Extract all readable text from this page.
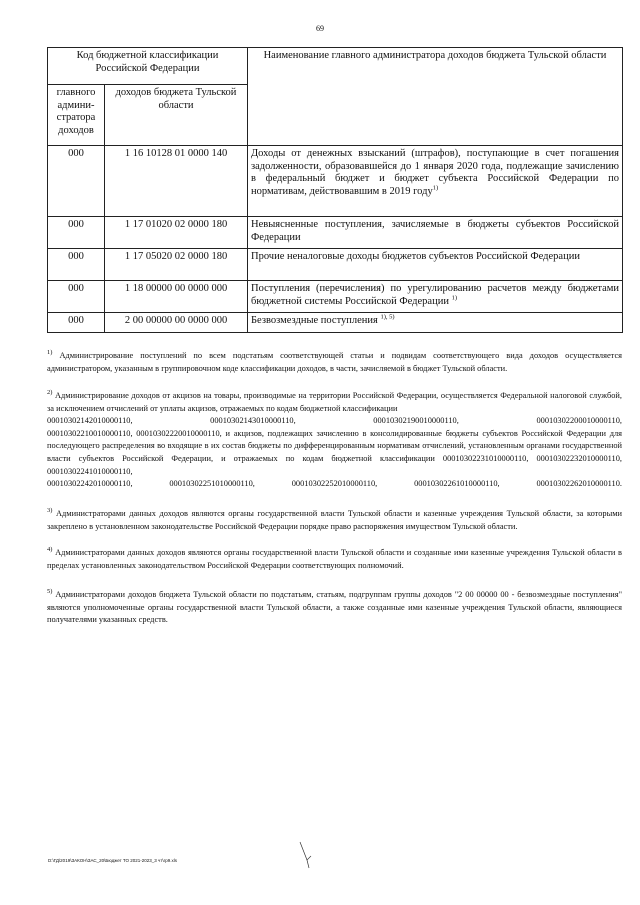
69
Код бюджетной классификации Российской Федерации		Наименование главного администратора доходов бюджета Тульской области
главного админи-стратора доходов	доходов бюджета Тульской области	
000	1 16 10128 01 0000 140	Доходы от денежных взысканий (штрафов), поступающие в счет погашения задолженности, образовавшейся до 1 января 2020 года, подлежащие зачислению в федеральный бюджет и бюджет субъекта Российской Федерации по нормативам, действовавшим в 2019 году$^{1)}$
000	1 17 01020 02 0000 180	Невыясненные поступления, зачисляемые в бюджеты субъектов Российской Федерации
000	1 17 05020 02 0000 180	Прочие неналоговые доходы бюджетов субъектов Российской Федерации
000	1 18 00000 00 0000 000	Поступления (перечисления) по урегулированию расчетов между бюджетами бюджетной системы Российской Федерации $^{1)}$
000	2 00 00000 00 0000 000	Безвозмездные поступления $^{1), 5)}$

$^{1)}$ Администрирование поступлений по всем подстатьям соответствующей статьи и подвидам соответствующего вида доходов осуществляется администратором, указанным в группировочном коде классификации доходов, в части, зачисляемой в бюджет Тульской области.

$^{2)}$ Администрирование доходов от акцизов на товары, производимые на территории Российской Федерации, осуществляется Федеральной налоговой службой, за исключением отчислений от уплаты акцизов, отражаемых по кодам бюджетной классификации

00010302142010000110, 00010302143010000110, 00010302190010000110, 00010302200010000110,

00010302210010000110, 00010302220010000110, и акцизов, подлежащих зачислению в консолидированные бюджеты субъектов Российской Федерации для последующего распределения во входящие в их состав бюджеты по дифференцированным нормативам отчислений, установленным органами государственной власти субъектов Российской Федерации, и отражаемых по кодам бюджетной классификации 00010302231010000110, 00010302232010000110, 00010302241010000110,

00010302242010000110, 00010302251010000110, 00010302252010000110, 00010302261010000110, 00010302262010000110.

$^{3)}$ Администраторами данных доходов являются органы государственной власти Тульской области и казенные учреждения Тульской области, за которыми закреплено в установленном законодательстве Российской Федерации порядке право распоряжения имуществом Тульской области.

$^{4)}$ Администраторами данных доходов являются органы государственной власти Тульской области и созданные ими казенные учреждения Тульской области в пределах установленных законодательством Российской Федерации соответствующих полномочий.

$^{5)}$ Администраторами доходов бюджета Тульской области по подстатьям, статьям, подгруппам группы доходов "2 00 00000 00 - безвозмездные поступления" являются уполномоченные органы государственной власти Тульской области, а также созданные ими казенные учреждения Тульской области, являющиеся получателями указанных средств.

D:\ГД\2019\ЗАКОН\ЗАС_20\Бюджет ТО 2021-2023_3 чт\гр9.xls
